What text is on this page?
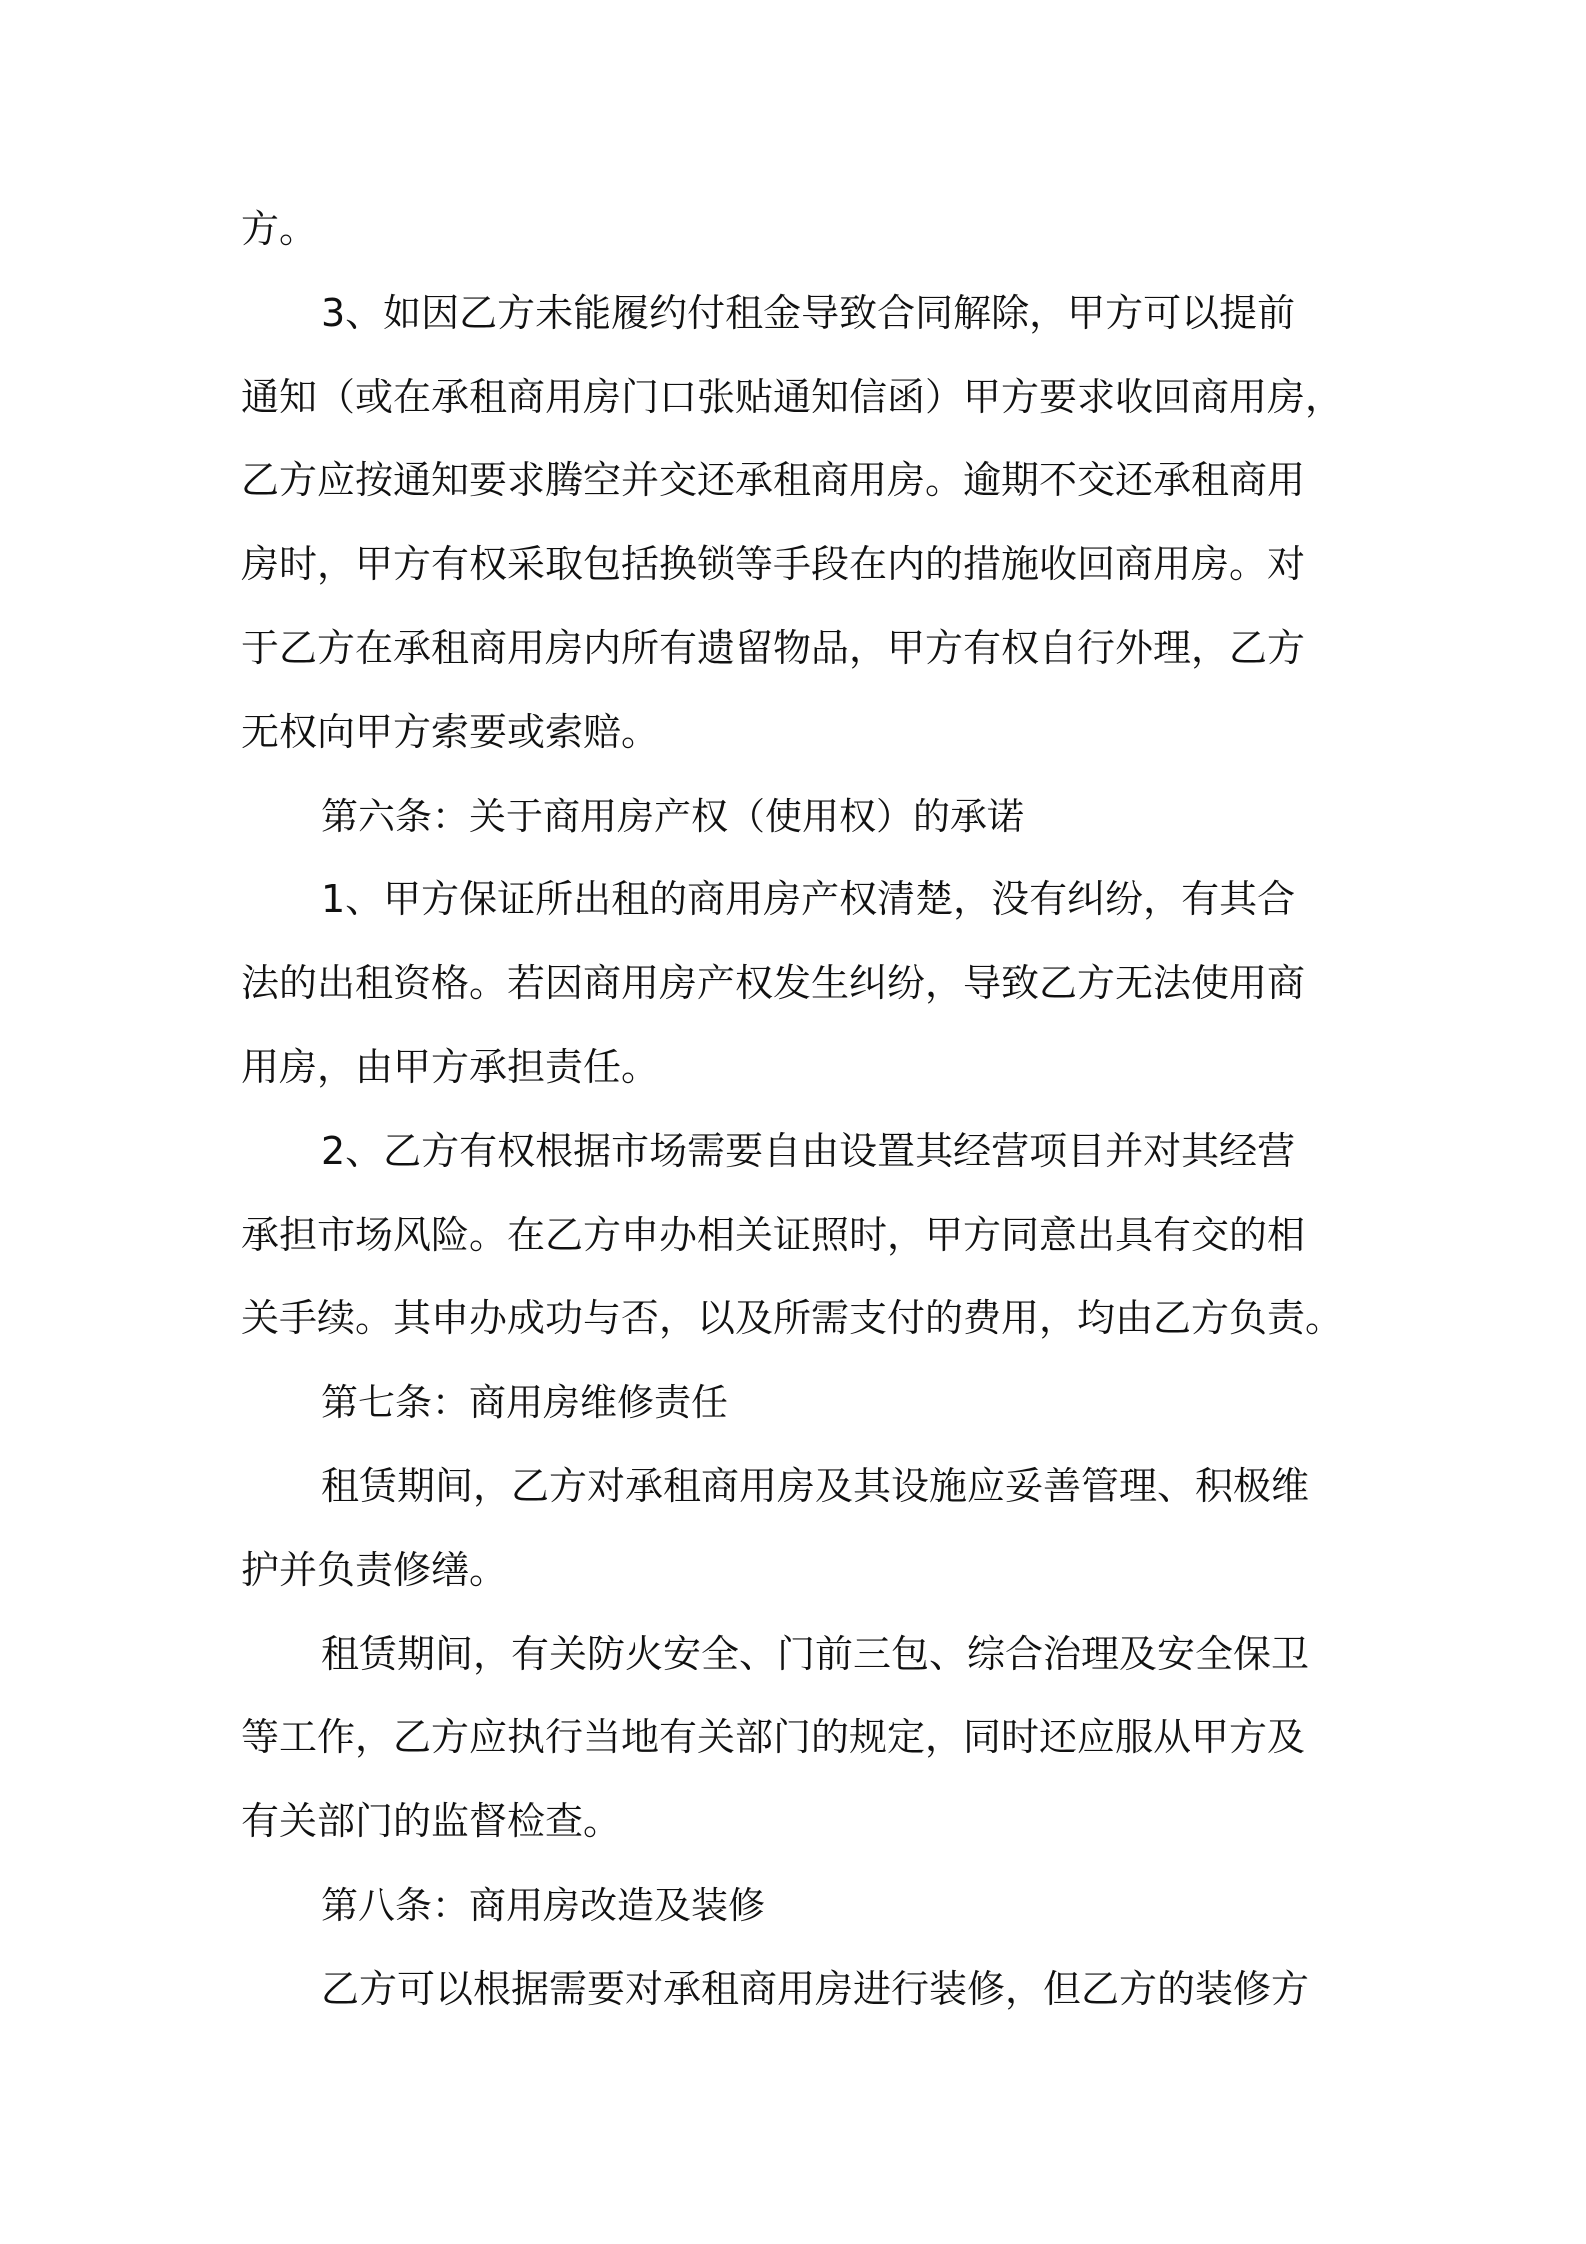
方。
3、如因乙方未能履约付租金导致合同解除，甲方可以提前
通知（或在承租商用房门口张贴通知信函）甲方要求收回商用房，
乙方应按通知要求腾空并交还承租商用房。逾期不交还承租商用
房时，甲方有权采取包括换锁等手段在内的措施收回商用房。对
于乙方在承租商用房内所有遗留物品，甲方有权自行外理，乙方
无权向甲方索要或索赔。
第六条：关于商用房产权（使用权）的承诺
1、甲方保证所出租的商用房产权清楚，没有纠纷，有其合
法的出租资格。若因商用房产权发生纠纷，导致乙方无法使用商
用房，由甲方承担责任。
2、乙方有权根据市场需要自由设置其经营项目并对其经营
承担市场风险。在乙方申办相关证照时，甲方同意出具有交的相
关手续。其申办成功与否，以及所需支付的费用，均由乙方负责。
第七条：商用房维修责任
租赁期间，乙方对承租商用房及其设施应妥善管理、积极维
护并负责修缮。
租赁期间，有关防火安全、门前三包、综合治理及安全保卫
等工作，乙方应执行当地有关部门的规定，同时还应服从甲方及
有关部门的监督检查。
第八条：商用房改造及装修
乙方可以根据需要对承租商用房进行装修，但乙方的装修方
